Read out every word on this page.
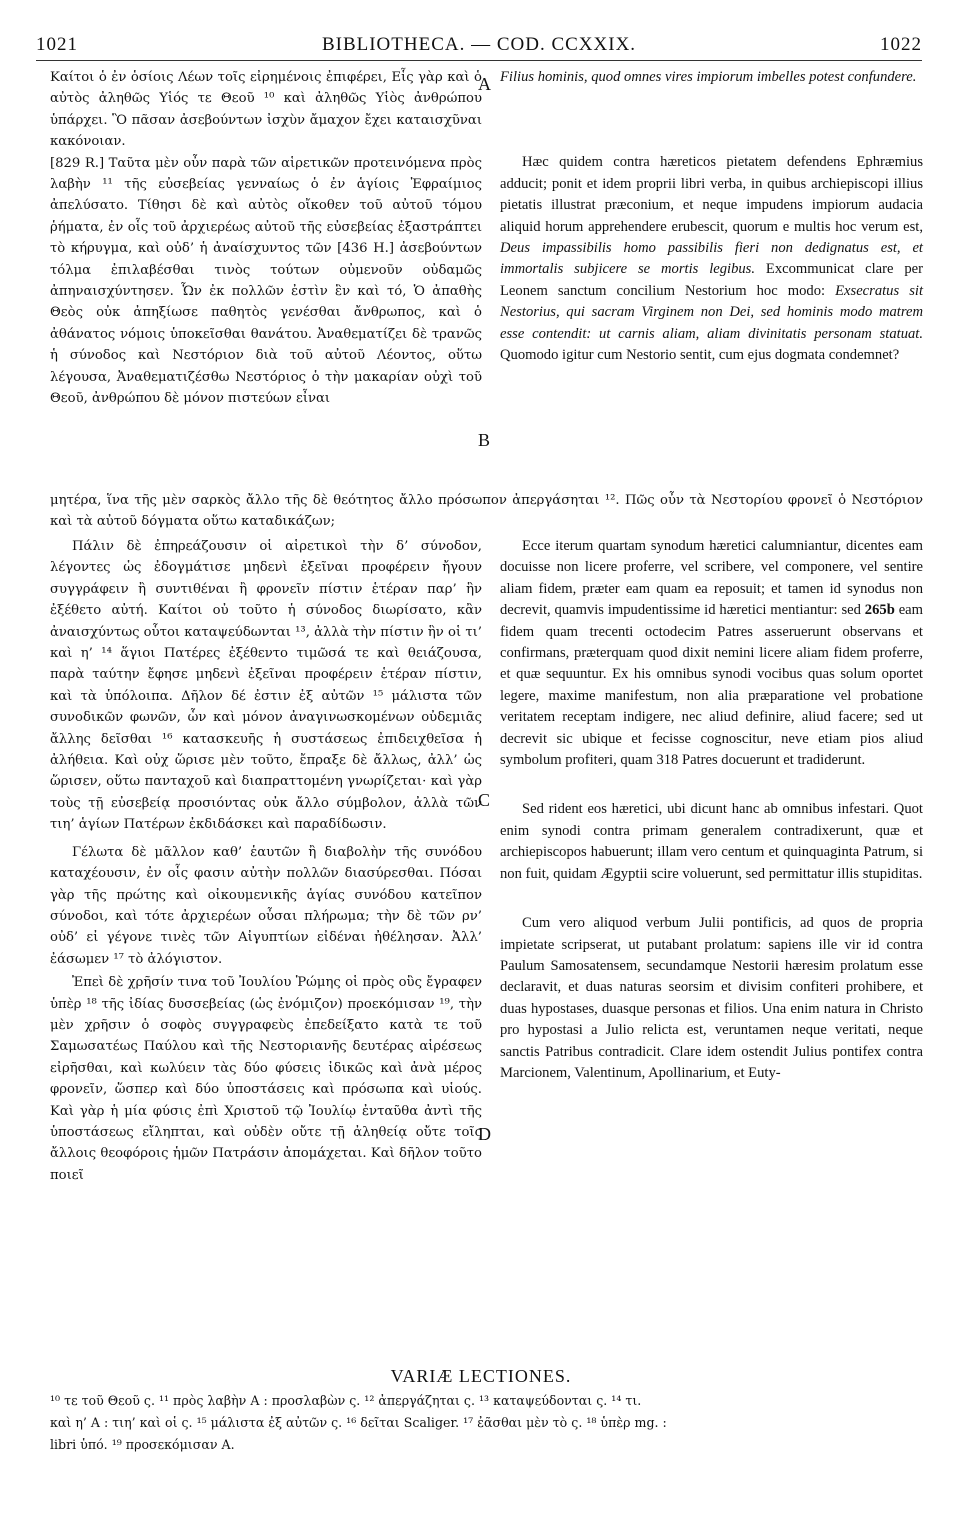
1021	BIBLIOTHECA. — COD. CCXXIX.	1022

Καίτοι ὁ ἐν ὁσίοις Λέων τοῖς εἰρημένοις ἐπιφέρει, Εἷς γὰρ καὶ ὁ αὐτὸς ἀληθῶς Υἱός τε Θεοῦ ¹⁰ καὶ ἀληθῶς Υἱὸς ἀνθρώπου ὑπάρχει. Ὃ πᾶσαν ἀσεβούντων ἰσχὺν ἄμαχον ἔχει καταισχῦναι κακόνοιαν.

[829 R.] Ταῦτα μὲν οὖν παρὰ τῶν αἱρετικῶν προτεινόμενα πρὸς λαβὴν ¹¹ τῆς εὐσεβείας γενναίως ὁ ἐν ἁγίοις Ἐφραίμιος ἀπελύσατο. Τίθησι δὲ καὶ αὐτὸς οἴκοθεν τοῦ αὐτοῦ τόμου ῥήματα, ἐν οἷς τοῦ ἀρχιερέως αὐτοῦ τῆς εὐσεβείας ἐξαστράπτει τὸ κήρυγμα, καὶ οὐδ’ ἡ ἀναίσχυντος τῶν [436 H.] ἀσεβούντων τόλμα ἐπιλαβέσθαι τινὸς τούτων οὐμενοῦν οὐδαμῶς ἀπηναισχύντησεν. Ὧν ἐκ πολλῶν ἐστὶν ἓν καὶ τό, Ὁ ἀπαθὴς Θεὸς οὐκ ἀπηξίωσε παθητὸς γενέσθαι ἄνθρωπος, καὶ ὁ ἀθάνατος νόμοις ὑποκεῖσθαι θανάτου. Ἀναθεματίζει δὲ τρανῶς ἡ σύνοδος καὶ Νεστόριον διὰ τοῦ αὐτοῦ Λέοντος, οὕτω λέγουσα, Ἀναθεματιζέσθω Νεστόριος ὁ τὴν μακαρίαν οὐχὶ τοῦ Θεοῦ, ἀνθρώπου δὲ μόνον πιστεύων εἶναι

Filius hominis, quod omnes vires impiorum imbelles potest confundere.

Hæc quidem contra hæreticos pietatem defendens Ephræmius adducit; ponit et idem proprii libri verba, in quibus archiepiscopi illius pietatis illustrat præconium, et neque impudens impiorum audacia aliquid horum apprehendere erubescit, quorum e multis hoc verum est, Deus impassibilis homo passibilis fieri non dedignatus est, et immortalis subjicere se mortis legibus. Excommunicat clare per Leonem sanctum concilium Nestorium hoc modo: Exsecratus sit Nestorius, qui sacram Virginem non Dei, sed hominis modo matrem esse contendit: ut carnis aliam, aliam divinitatis personam statuat. Quomodo igitur cum Nestorio sentit, cum ejus dogmata condemnet?

μητέρα, ἵνα τῆς μὲν σαρκὸς ἄλλο τῆς δὲ θεότητος ἄλλο πρόσωπον ἀπεργάσηται ¹². Πῶς οὖν τὰ Νεστορίου φρονεῖ ὁ Νεστόριον καὶ τὰ αὐτοῦ δόγματα οὕτω καταδικάζων;

Πάλιν δὲ ἐπηρεάζουσιν οἱ αἱρετικοὶ τὴν δ’ σύνοδον, λέγοντες ὡς ἐδογμάτισε μηδενὶ ἐξεῖναι προφέρειν ἤγουν συγγράφειν ἢ συντιθέναι ἢ φρονεῖν πίστιν ἑτέραν παρ’ ἣν ἐξέθετο αὐτή. Καίτοι οὐ τοῦτο ἡ σύνοδος διωρίσατο, κἂν ἀναισχύντως οὗτοι καταψεύδωνται ¹³, ἀλλὰ τὴν πίστιν ἣν οἱ τι’ καὶ η’ ¹⁴ ἅγιοι Πατέρες ἐξέθεντο τιμῶσά τε καὶ θειάζουσα, παρὰ ταύτην ἔφησε μηδενὶ ἐξεῖναι προφέρειν ἑτέραν πίστιν, καὶ τὰ ὑπόλοιπα. Δῆλον δέ ἐστιν ἐξ αὐτῶν ¹⁵ μάλιστα τῶν συνοδικῶν φωνῶν, ὧν καὶ μόνον ἀναγινωσκομένων οὐδεμιᾶς ἄλλης δεῖσθαι ¹⁶ κατασκευῆς ἡ συστάσεως ἐπιδειχθεῖσα ἡ ἀλήθεια. Καὶ οὐχ ὥρισε μὲν τοῦτο, ἔπραξε δὲ ἄλλως, ἀλλ’ ὡς ὥρισεν, οὕτω πανταχοῦ καὶ διαπραττομένη γνωρίζεται· καὶ γὰρ τοὺς τῇ εὐσεβείᾳ προσιόντας οὐκ ἄλλο σύμβολον, ἀλλὰ τῶν τιη’ ἁγίων Πατέρων ἐκδιδάσκει καὶ παραδίδωσιν.

Γέλωτα δὲ μᾶλλον καθ’ ἑαυτῶν ἢ διαβολὴν τῆς συνόδου καταχέουσιν, ἐν οἷς φασιν αὐτὴν πολλῶν διασύρεσθαι. Πόσαι γὰρ τῆς πρώτης καὶ οἰκουμενικῆς ἁγίας συνόδου κατεῖπον σύνοδοι, καὶ τότε ἀρχιερέων οὖσαι πλήρωμα; τὴν δὲ τῶν ρν’ οὐδ’ εἰ γέγονε τινὲς τῶν Αἰγυπτίων εἰδέναι ἠθέλησαν. Ἀλλ’ ἐάσωμεν ¹⁷ τὸ ἀλόγιστον.

Ἐπεὶ δὲ χρῆσίν τινα τοῦ Ἰουλίου Ῥώμης οἱ πρὸς οὓς ἔγραφεν ὑπὲρ ¹⁸ τῆς ἰδίας δυσσεβείας (ὡς ἐνόμιζον) προεκόμισαν ¹⁹, τὴν μὲν χρῆσιν ὁ σοφὸς συγγραφεὺς ἐπεδείξατο κατὰ τε τοῦ Σαμωσατέως Παύλου καὶ τῆς Νεστοριανῆς δευτέρας αἱρέσεως εἰρῆσθαι, καὶ κωλύειν τὰς δύο φύσεις ἰδικῶς καὶ ἀνὰ μέρος φρονεῖν, ὥσπερ καὶ δύο ὑποστάσεις καὶ πρόσωπα καὶ υἱούς. Καὶ γὰρ ἡ μία φύσις ἐπὶ Χριστοῦ τῷ Ἰουλίῳ ἐνταῦθα ἀντὶ τῆς ὑποστάσεως εἴληπται, καὶ οὐδὲν οὔτε τῇ ἀληθείᾳ οὔτε τοῖς ἄλλοις θεοφόροις ἡμῶν Πατράσιν ἀπομάχεται. Καὶ δῆλον τοῦτο ποιεῖ

Ecce iterum quartam synodum hæretici calumniantur, dicentes eam docuisse non licere proferre, vel scribere, vel componere, vel sentire aliam fidem, præter eam quam ea reposuit; et tamen id synodus non decrevit, quamvis impudentissime id hæretici mentiantur: sed 265b eam fidem quam trecenti octodecim Patres asseruerunt observans et confirmans, præterquam quod dixit nemini licere aliam fidem proferre, et quæ sequuntur. Ex his omnibus synodi vocibus quas solum oportet legere, maxime manifestum, non alia præparatione vel probatione veritatem receptam indigere, nec aliud definire, aliud facere; sed ut decrevit sic ubique et fecisse cognoscitur, neve etiam pios aliud symbolum profiteri, quam 318 Patres docuerunt et tradiderunt.

Sed rident eos hæretici, ubi dicunt hanc ab omnibus infestari. Quot enim synodi contra primam generalem contradixerunt, quæ et archiepiscopos habuerunt; illam vero centum et quinquaginta Patrum, si non fuit, quidam Ægyptii scire voluerunt, sed permittatur illis stupiditas.

Cum vero aliquod verbum Julii pontificis, ad quos de propria impietate scripserat, ut putabant prolatum: sapiens ille vir id contra Paulum Samosatensem, secundamque Nestorii hæresim prolatum esse declaravit, et duas naturas seorsim et divisim confiteri prohibere, et duas hypostases, duasque personas et filios. Una enim natura in Christo pro hypostasi a Julio relicta est, veruntamen neque veritati, neque sanctis Patribus contradicit. Clare idem ostendit Julius pontifex contra Marcionem, Valentinum, Apollinarium, et Euty-

A
B
C
D
VARIÆ LECTIONES.
¹⁰ τε τοῦ Θεοῦ ς. ¹¹ πρὸς λαβὴν A : προσλαβὼν ς. ¹² ἀπεργάζηται ς. ¹³ καταψεύδονται ς. ¹⁴ τι.
καὶ η’ A : τιη’ καὶ οἱ ς. ¹⁵ μάλιστα ἐξ αὐτῶν ς. ¹⁶ δεῖται Scaliger. ¹⁷ ἐᾶσθαι μὲν τὸ ς. ¹⁸ ὑπὲρ mg. :
libri ὑπό. ¹⁹ προσεκόμισαν A.
